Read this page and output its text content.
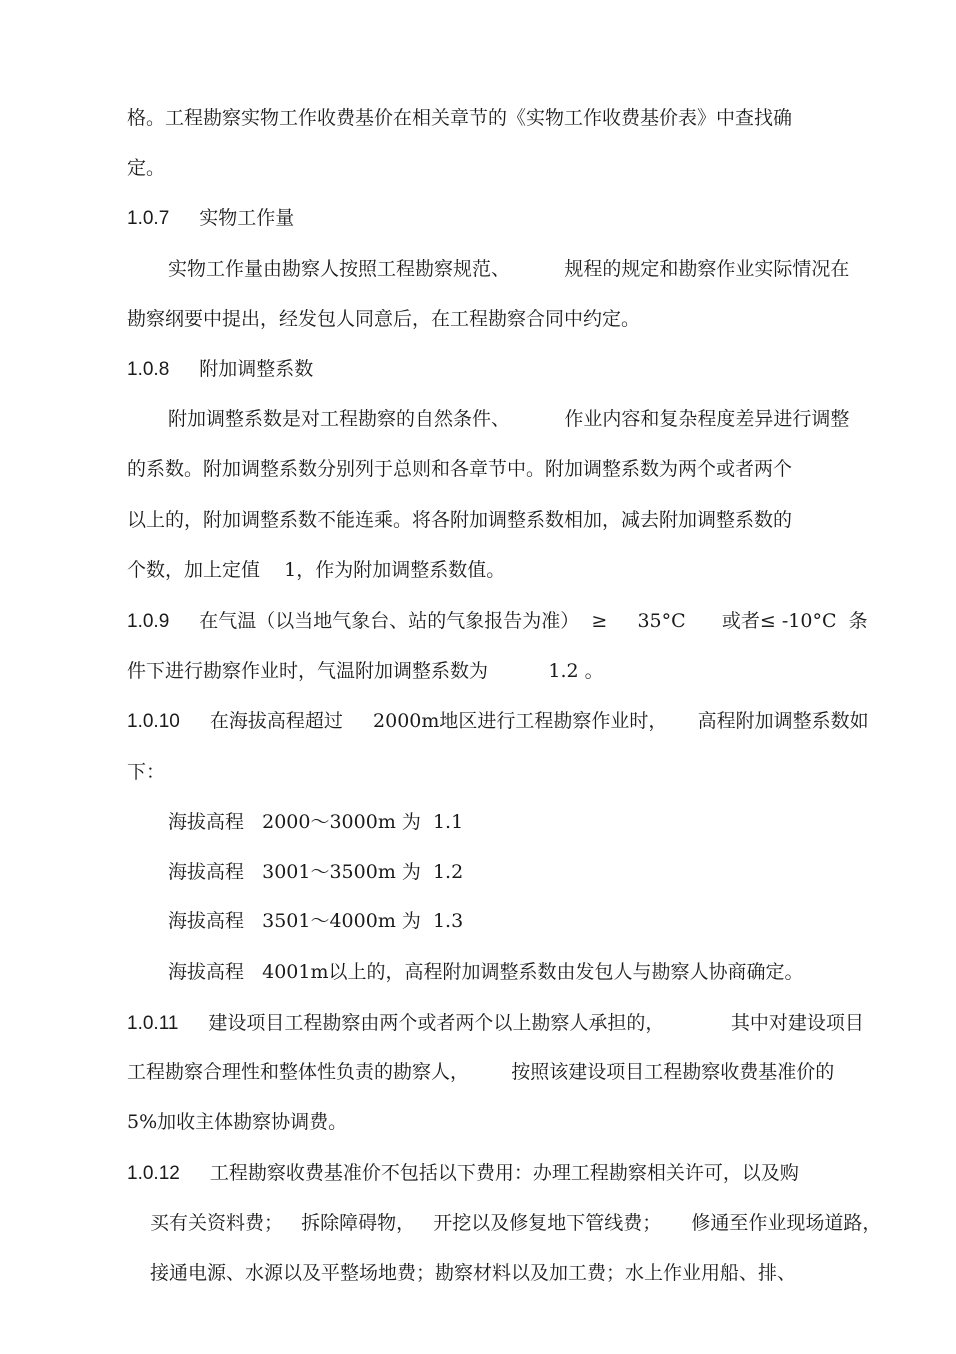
格。工程勘察实物工作收费基价在相关章节的《实物工作收费基价表》中查找确
定。
1.0.7 实物工作量
实物工作量由勘察人按照工程勘察规范、         规程的规定和勘察作业实际情况在
勘察纲要中提出，经发包人同意后，在工程勘察合同中约定。
1.0.8 附加调整系数
附加调整系数是对工程勘察的自然条件、         作业内容和复杂程度差异进行调整
的系数。附加调整系数分别列于总则和各章节中。附加调整系数为两个或者两个
以上的，附加调整系数不能连乘。将各附加调整系数相加，减去附加调整系数的
个数，加上定值    1，作为附加调整系数值。
1.0.9 在气温（以当地气象台、站的气象报告为准）  ≥     35°C      或者≤ -10°C  条
件下进行勘察作业时，气温附加调整系数为          1.2 。
1.0.10 在海拔高程超过     2000m地区进行工程勘察作业时，     高程附加调整系数如
下：
海拔高程   2000～3000m 为  1.1
海拔高程   3001～3500m 为  1.2
海拔高程   3501～4000m 为  1.3
海拔高程   4001m以上的，高程附加调整系数由发包人与勘察人协商确定。
1.0.11 建设项目工程勘察由两个或者两个以上勘察人承担的，           其中对建设项目
工程勘察合理性和整体性负责的勘察人，       按照该建设项目工程勘察收费基准价的
5%加收主体勘察协调费。
1.0.12 工程勘察收费基准价不包括以下费用：办理工程勘察相关许可，以及购
买有关资料费；   拆除障碍物，   开挖以及修复地下管线费；     修通至作业现场道路，
接通电源、水源以及平整场地费；勘察材料以及加工费；水上作业用船、排、
